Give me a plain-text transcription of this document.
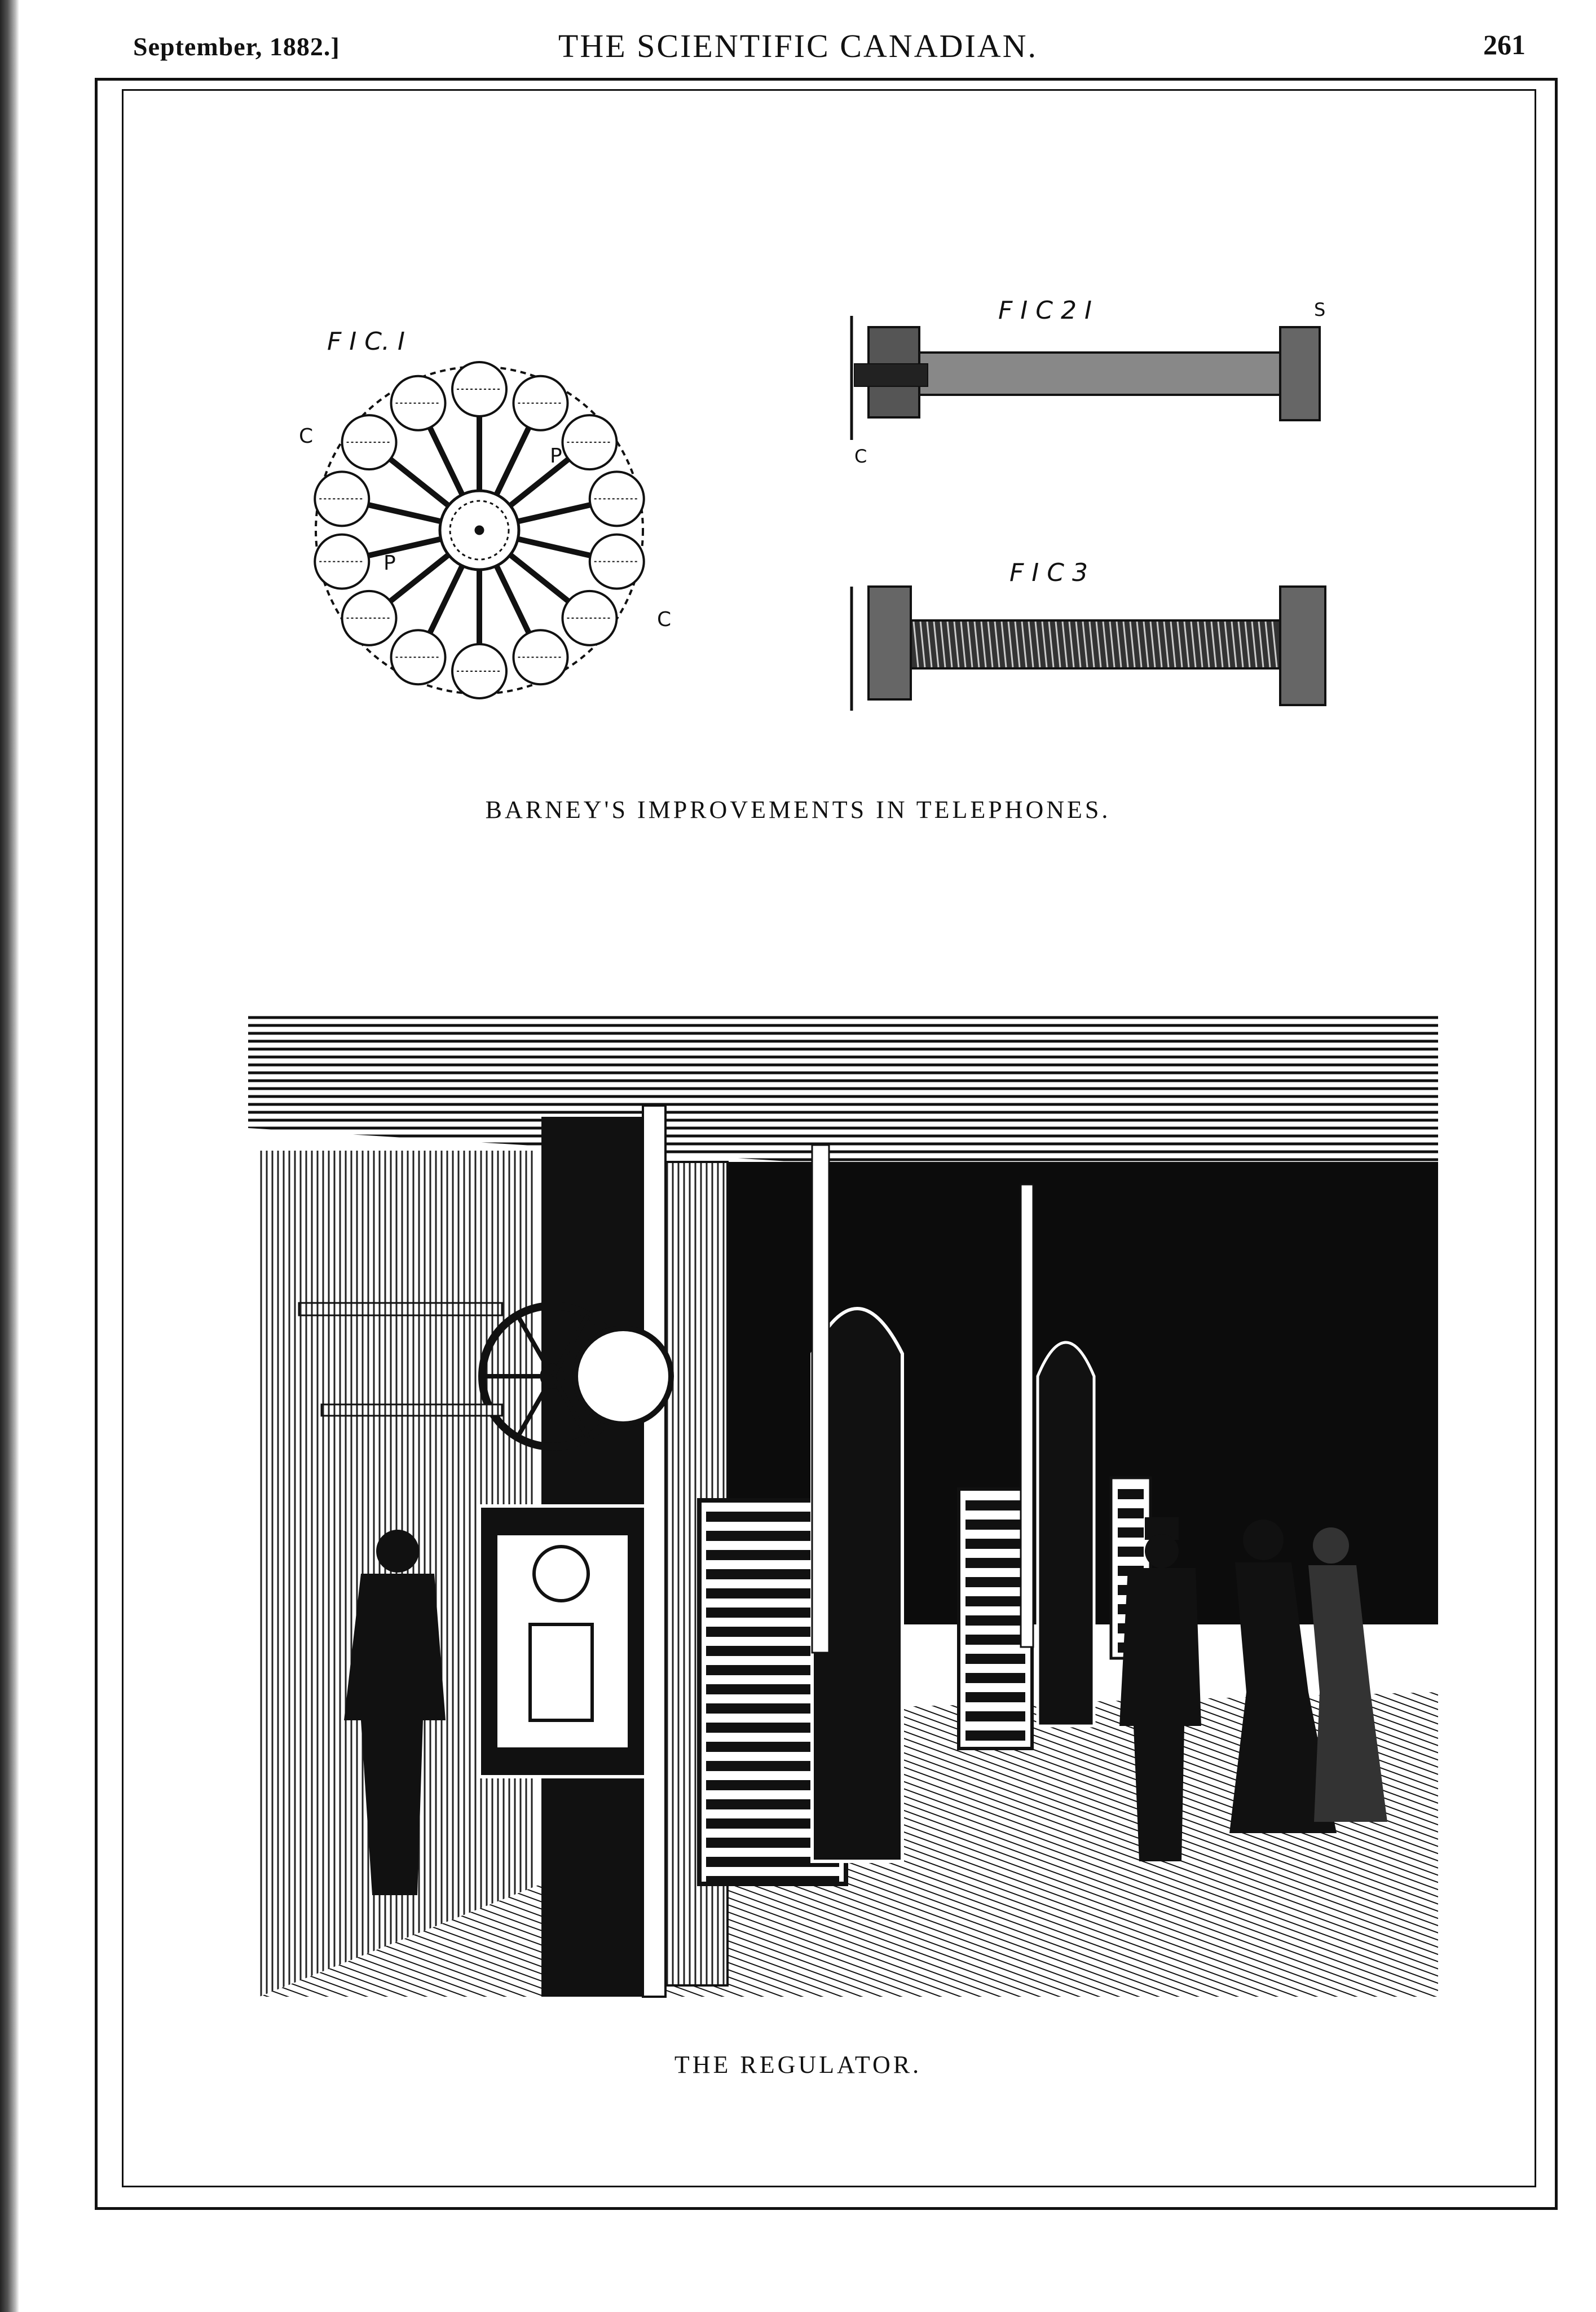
September, 1882.]	THE SCIENTIFIC CANADIAN.	261
F I C. I
C
P
P
C
F I C 2 I	S
C
F I C 3
BARNEY'S IMPROVEMENTS IN TELEPHONES.
THE REGULATOR.
